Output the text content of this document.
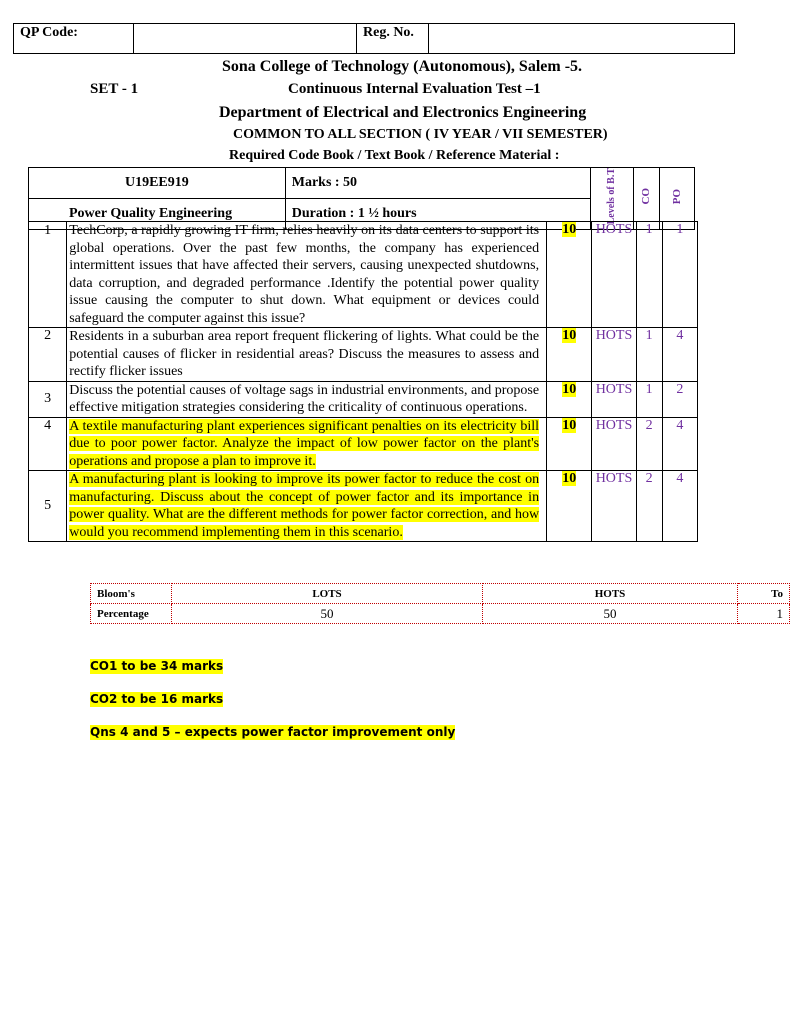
QP Code:		Reg. No.	
Sona College of Technology (Autonomous), Salem -5.
SET - 1	Continuous Internal Evaluation Test –1
Department of Electrical and Electronics Engineering
COMMON TO ALL SECTION ( IV YEAR / VII SEMESTER)
Required Code Book / Text Book / Reference Material :
U19EE919	Marks : 50	Levels of B.T	CO	PO
Power Quality Engineering	Duration : 1 ½ hours			
1	TechCorp, a rapidly growing IT firm, relies heavily on its data centers to support its global operations. Over the past few months, the company has experienced intermittent issues that have affected their servers, causing unexpected shutdowns, data corruption, and degraded performance .Identify the potential power quality issue causing the computer to shut down. What equipment or devices could safeguard the computer against this issue?	10	HOTS	1	1
2	Residents in a suburban area report frequent flickering of lights. What could be the potential causes of flicker in residential areas? Discuss the measures to assess and rectify flicker issues	10	HOTS	1	4
3	Discuss the potential causes of voltage sags in industrial environments, and propose effective mitigation strategies considering the criticality of continuous operations.	10	HOTS	1	2
4	A textile manufacturing plant experiences significant penalties on its electricity bill due to poor power factor. Analyze the impact of low power factor on the plant's operations and propose a plan to improve it.	10	HOTS	2	4
5	A manufacturing plant is looking to improve its power factor to reduce the cost on manufacturing. Discuss about the concept of power factor and its importance in power quality. What are the different methods for power factor correction, and how would you recommend implementing them in this scenario.	10	HOTS	2	4
Bloom's	LOTS	HOTS	To
Percentage	50	50	1
CO1 to be 34 marks
CO2 to be 16 marks
Qns 4 and 5 – expects power factor improvement only
